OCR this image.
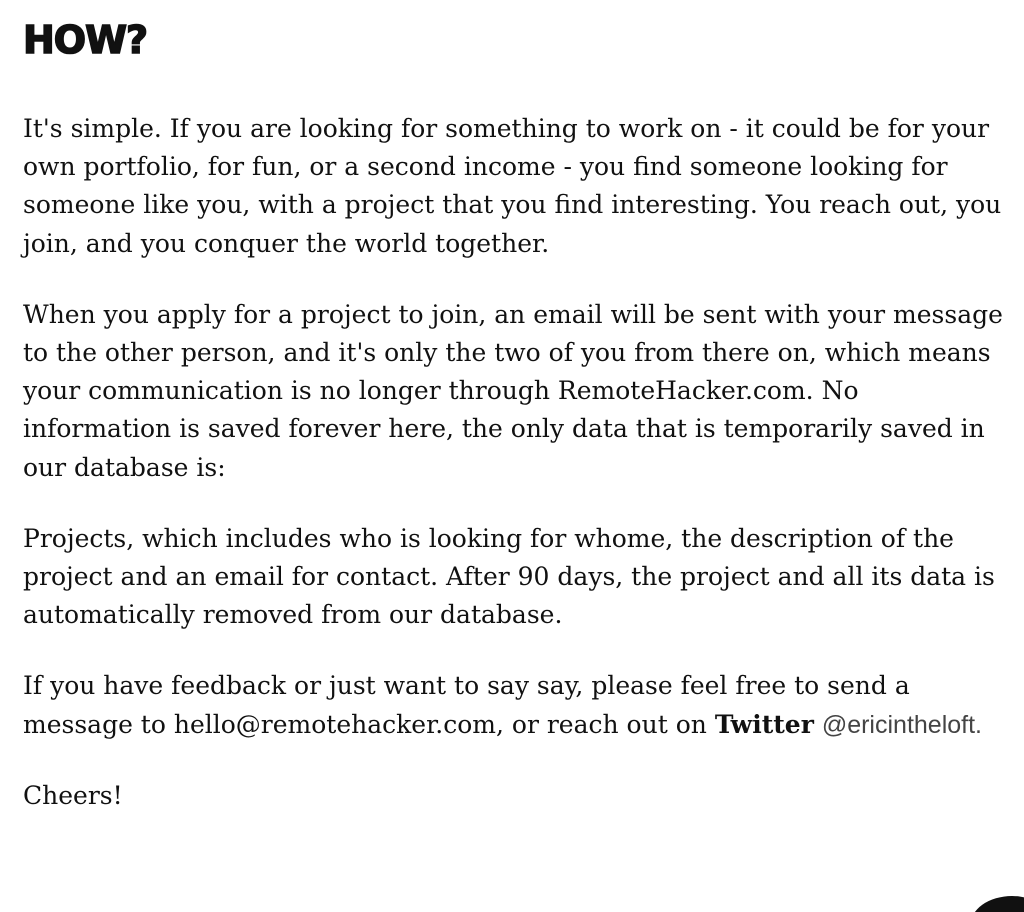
HOW?

It's simple. If you are looking for something to work on - it could be for your own portfolio, for fun, or a second income - you find someone looking for someone like you, with a project that you find interesting. You reach out, you join, and you conquer the world together.

When you apply for a project to join, an email will be sent with your message to the other person, and it's only the two of you from there on, which means your communication is no longer through RemoteHacker.com. No information is saved forever here, the only data that is temporarily saved in our database is:

Projects, which includes who is looking for whome, the description of the project and an email for contact. After 90 days, the project and all its data is automatically removed from our database.

If you have feedback or just want to say say, please feel free to send a message to hello@remotehacker.com, or reach out on Twitter @ericintheloft.

Cheers!
